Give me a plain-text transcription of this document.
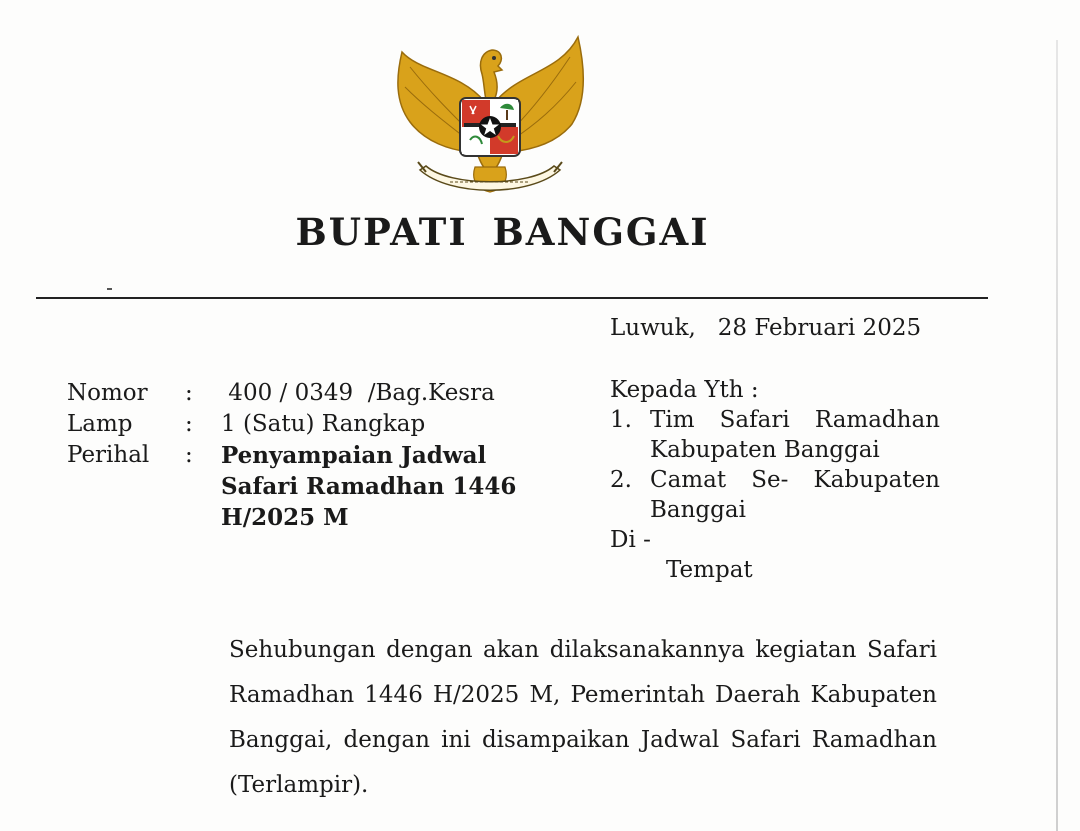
BUPATI BANGGAI
Luwuk,   28 Februari 2025
Nomor	:	400 / 0349  /Bag.Kesra
Lamp	:	1 (Satu) Rangkap
Perihal	:	Penyampaian Jadwal Safari Ramadhan 1446 H/2025 M
Kepada Yth :
1. Tim Safari Ramadhan Kabupaten Banggai
2. Camat Se- Kabupaten Banggai
Di -
Tempat
Sehubungan dengan akan dilaksanakannya kegiatan Safari Ramadhan 1446 H/2025 M, Pemerintah Daerah Kabupaten Banggai, dengan ini disampaikan Jadwal Safari Ramadhan (Terlampir).
